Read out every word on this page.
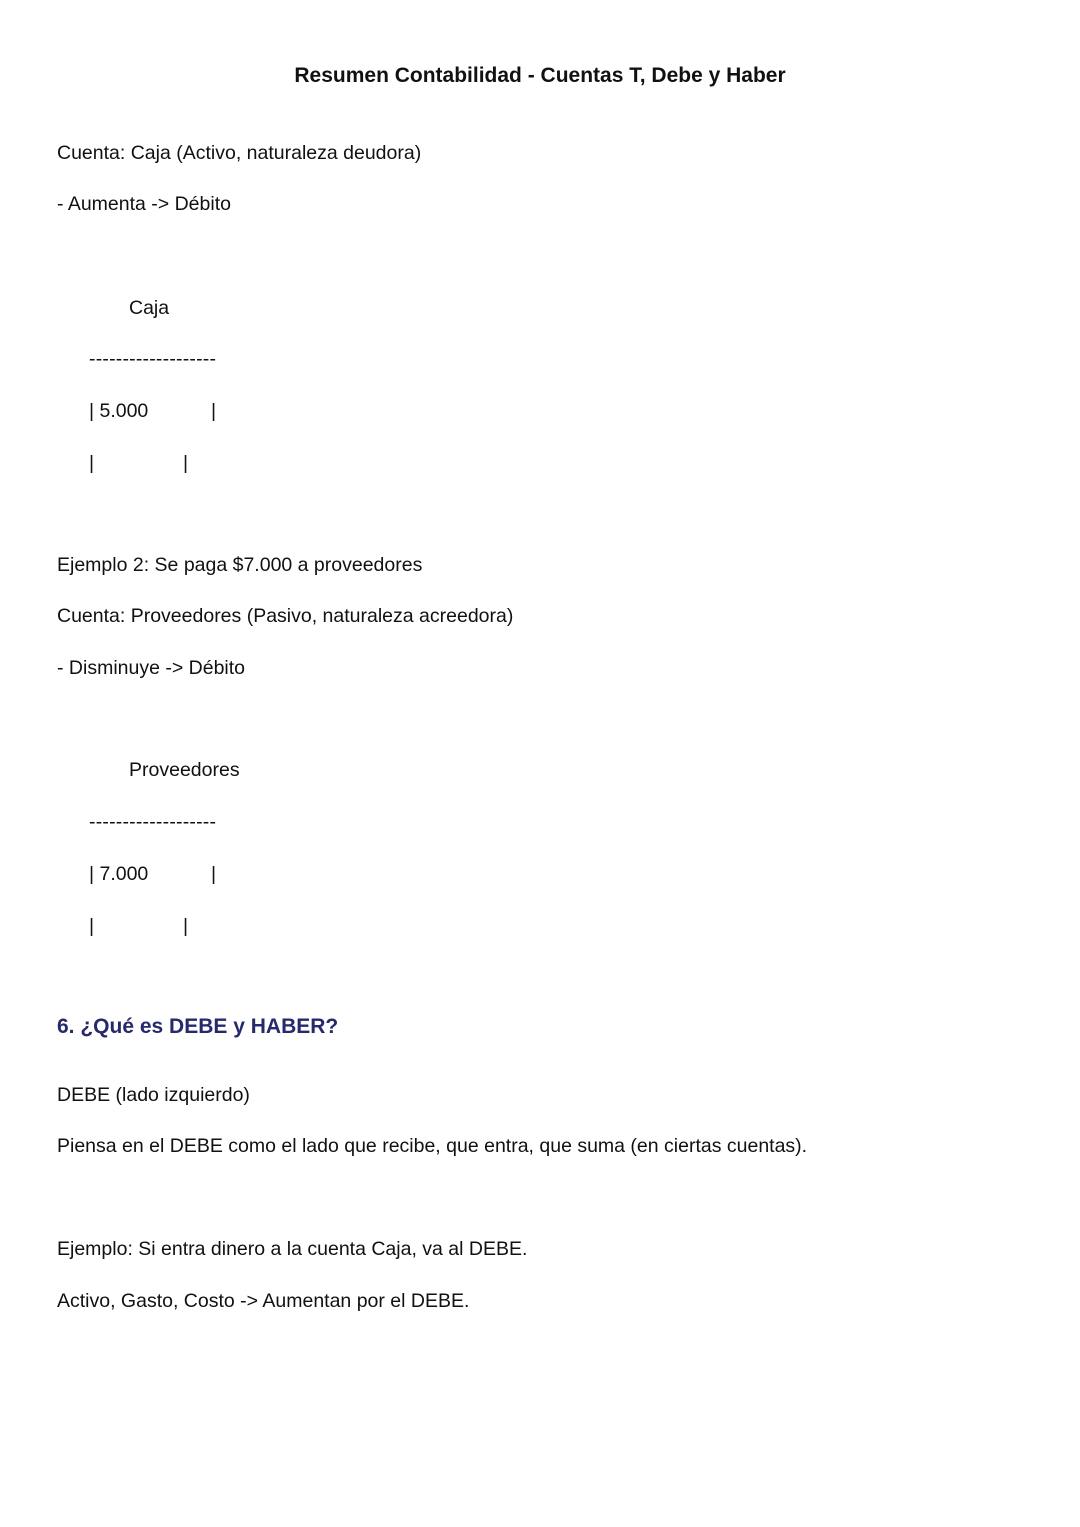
Resumen Contabilidad - Cuentas T, Debe y Haber
Cuenta: Caja (Activo, naturaleza deudora)
- Aumenta -> Débito
Caja
-------------------
| 5.000	|
|	|
Ejemplo 2: Se paga $7.000 a proveedores
Cuenta: Proveedores (Pasivo, naturaleza acreedora)
- Disminuye -> Débito
Proveedores
-------------------
| 7.000	|
|	|
6. ¿Qué es DEBE y HABER?
DEBE (lado izquierdo)
Piensa en el DEBE como el lado que recibe, que entra, que suma (en ciertas cuentas).
Ejemplo: Si entra dinero a la cuenta Caja, va al DEBE.
Activo, Gasto, Costo -> Aumentan por el DEBE.
